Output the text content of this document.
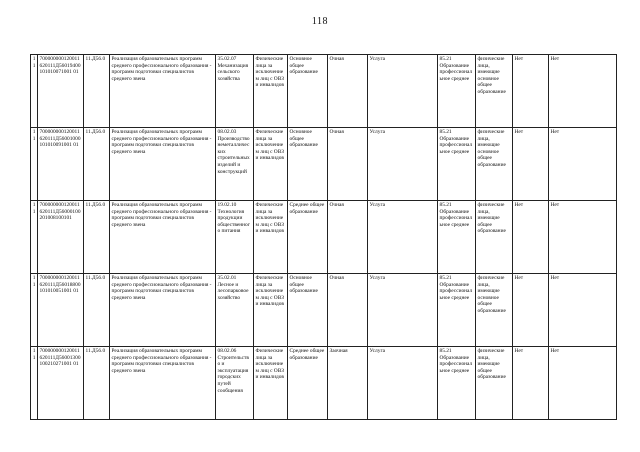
118
11	700000000120011620111Д56019400101010071001 01	11.Д56.0	Реализация образовательных программ среднего профессионального образования - программ подготовки специалистов среднего звена	35.02.07 Механизация сельского хозяйства	Физические лица за исключением лиц с ОВЗ и инвалидов	Основное общее образование	Очная	Услуга	85.21 Образование профессиональное среднее	физические лица, имеющие основное общее образование	Нет	Нет
11	700000000120011620111Д56001000101010091001 01	11.Д56.0	Реализация образовательных программ среднего профессионального образования - программ подготовки специалистов среднего звена	08.02.03 Производство неметаллических строительных изделий и конструкций	Физические лица за исключением лиц с ОВЗ и инвалидов	Основное общее образование	Очная	Услуга	85.21 Образование профессиональное среднее	физические лица, имеющие основное общее образование	Нет	Нет
11	700000000120011620111Д56000100201008100101	11.Д56.0	Реализация образовательных программ среднего профессионального образования - программ подготовки специалистов среднего звена	19.02.10 Технология продукции общественного питания	Физические лица за исключением лиц с ОВЗ и инвалидов	Среднее общее образование	Очная	Услуга	85.21 Образование профессиональное среднее	физические лица, имеющие общее образование	Нет	Нет
11	700000000120011620111Д56018800101010051001 01	11.Д56.0	Реализация образовательных программ среднего профессионального образования - программ подготовки специалистов среднего звена	35.02.01 Лесное и лесопарковое хозяйство	Физические лица за исключением лиц с ОВЗ и инвалидов	Основное общее образование	Очная	Услуга	85.21 Образование профессиональное среднее	физические лица, имеющие основное общее образование	Нет	Нет
11	700000000120011620111Д56001300100210271001 01	11.Д56.0	Реализация образовательных программ среднего профессионального образования - программ подготовки специалистов среднего звена	08.02.06 Строительство и эксплуатация городских путей сообщения	Физические лица за исключением лиц с ОВЗ и инвалидов	Среднее общее образование	Заочная	Услуга	85.21 Образование профессиональное среднее	физические лица, имеющие общее образование	Нет	Нет
